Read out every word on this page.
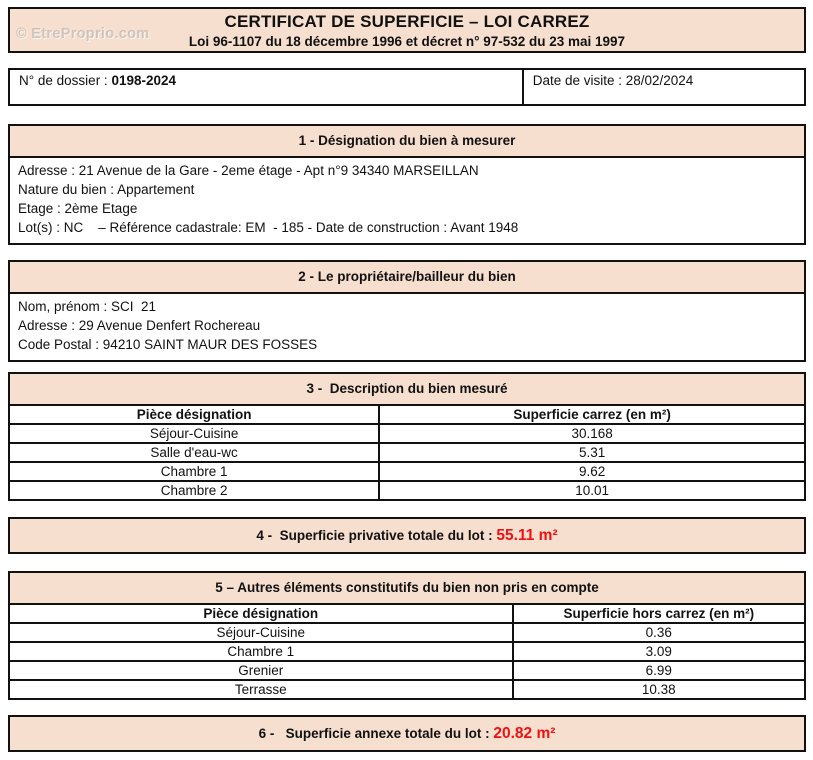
© EtreProprio.com
CERTIFICAT DE SUPERFICIE – LOI CARREZ
Loi 96-1107 du 18 décembre 1996 et décret n° 97-532 du 23 mai 1997
N° de dossier : 0198-2024	Date de visite : 28/02/2024
1 - Désignation du bien à mesurer
Adresse : 21 Avenue de la Gare - 2eme étage - Apt n°9 34340 MARSEILLAN
Nature du bien : Appartement
Etage : 2ème Etage
Lot(s) : NC    – Référence cadastrale: EM  - 185 - Date de construction : Avant 1948
2 - Le propriétaire/bailleur du bien
Nom, prénom : SCI  21
Adresse : 29 Avenue Denfert Rochereau
Code Postal : 94210 SAINT MAUR DES FOSSES
3 -  Description du bien mesuré
Pièce désignation	Superficie carrez (en m²)
Séjour-Cuisine	30.168
Salle d'eau-wc	5.31
Chambre 1	9.62
Chambre 2	10.01
4 -  Superficie privative totale du lot : 55.11 m²
5 – Autres éléments constitutifs du bien non pris en compte
Pièce désignation	Superficie hors carrez (en m²)
Séjour-Cuisine	0.36
Chambre 1	3.09
Grenier	6.99
Terrasse	10.38
6 -   Superficie annexe totale du lot : 20.82 m²
